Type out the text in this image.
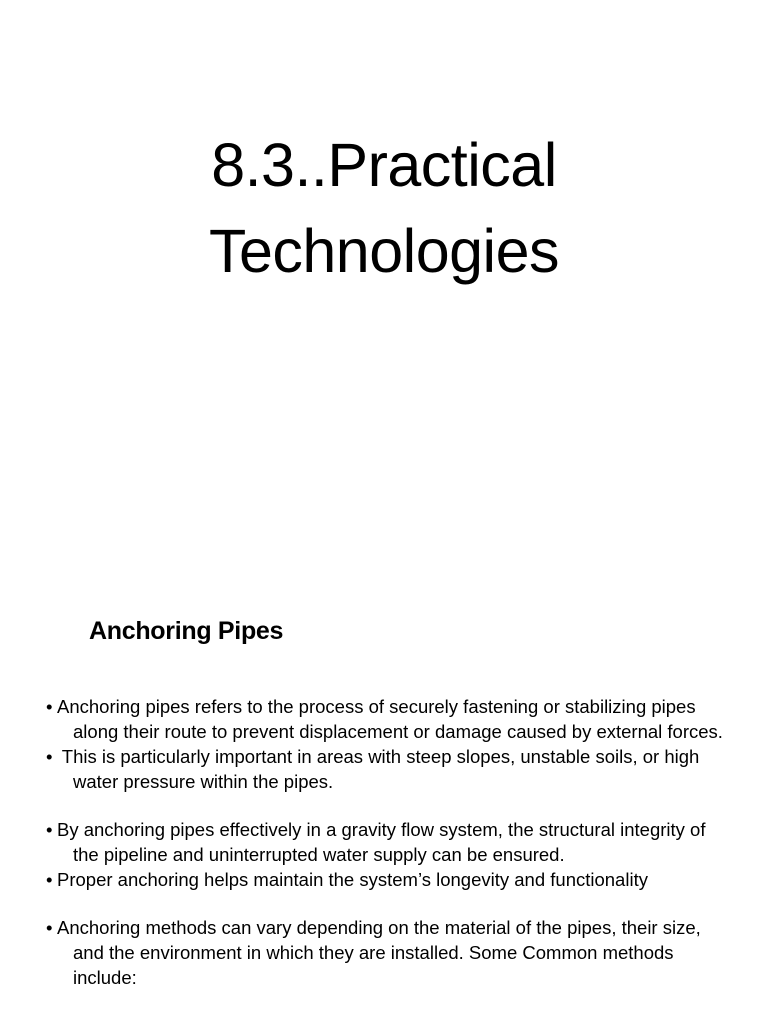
8.3..Practical
Technologies
Anchoring Pipes
• Anchoring pipes refers to the process of securely fastening or stabilizing pipes along their route to prevent displacement or damage caused by external forces.
• This is particularly important in areas with steep slopes, unstable soils, or high water pressure within the pipes.
• By anchoring pipes effectively in a gravity flow system, the structural integrity of the pipeline and uninterrupted water supply can be ensured.
• Proper anchoring helps maintain the system’s longevity and functionality
• Anchoring methods can vary depending on the material of the pipes, their size, and the environment in which they are installed. Some Common methods include:
